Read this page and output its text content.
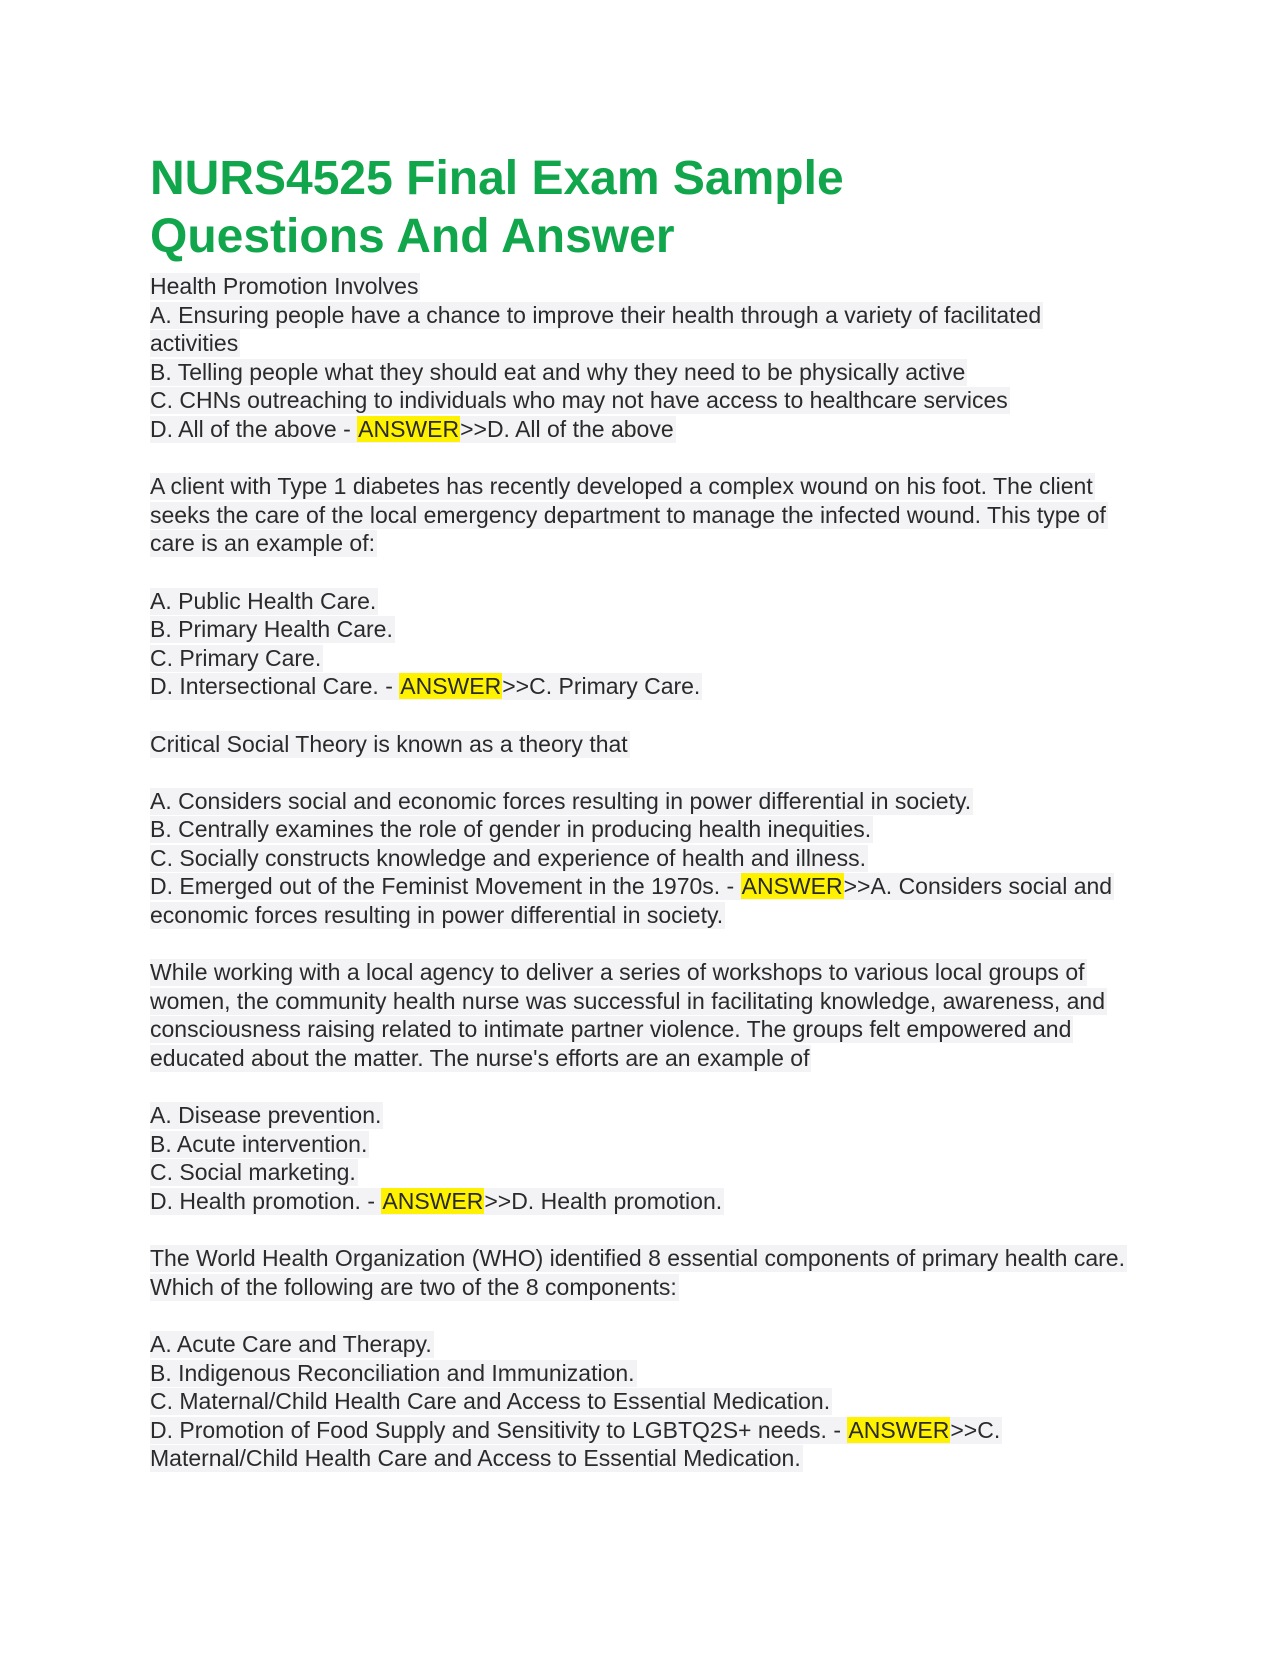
NURS4525 Final Exam Sample
Questions And Answer

Health Promotion Involves

A. Ensuring people have a chance to improve their health through a variety of facilitated activities

B. Telling people what they should eat and why they need to be physically active

C. CHNs outreaching to individuals who may not have access to healthcare services

D. All of the above - ANSWER>>D. All of the above

A client with Type 1 diabetes has recently developed a complex wound on his foot. The client seeks the care of the local emergency department to manage the infected wound. This type of care is an example of:

A. Public Health Care.

B. Primary Health Care.

C. Primary Care.

D. Intersectional Care. - ANSWER>>C. Primary Care.

Critical Social Theory is known as a theory that

A. Considers social and economic forces resulting in power differential in society.

B. Centrally examines the role of gender in producing health inequities.

C. Socially constructs knowledge and experience of health and illness.

D. Emerged out of the Feminist Movement in the 1970s. - ANSWER>>A. Considers social and economic forces resulting in power differential in society.

While working with a local agency to deliver a series of workshops to various local groups of women, the community health nurse was successful in facilitating knowledge, awareness, and consciousness raising related to intimate partner violence. The groups felt empowered and educated about the matter. The nurse's efforts are an example of

A. Disease prevention.

B. Acute intervention.

C. Social marketing.

D. Health promotion. - ANSWER>>D. Health promotion.

The World Health Organization (WHO) identified 8 essential components of primary health care. Which of the following are two of the 8 components:

A. Acute Care and Therapy.

B. Indigenous Reconciliation and Immunization.

C. Maternal/Child Health Care and Access to Essential Medication.

D. Promotion of Food Supply and Sensitivity to LGBTQ2S+ needs. - ANSWER>>C. Maternal/Child Health Care and Access to Essential Medication.
